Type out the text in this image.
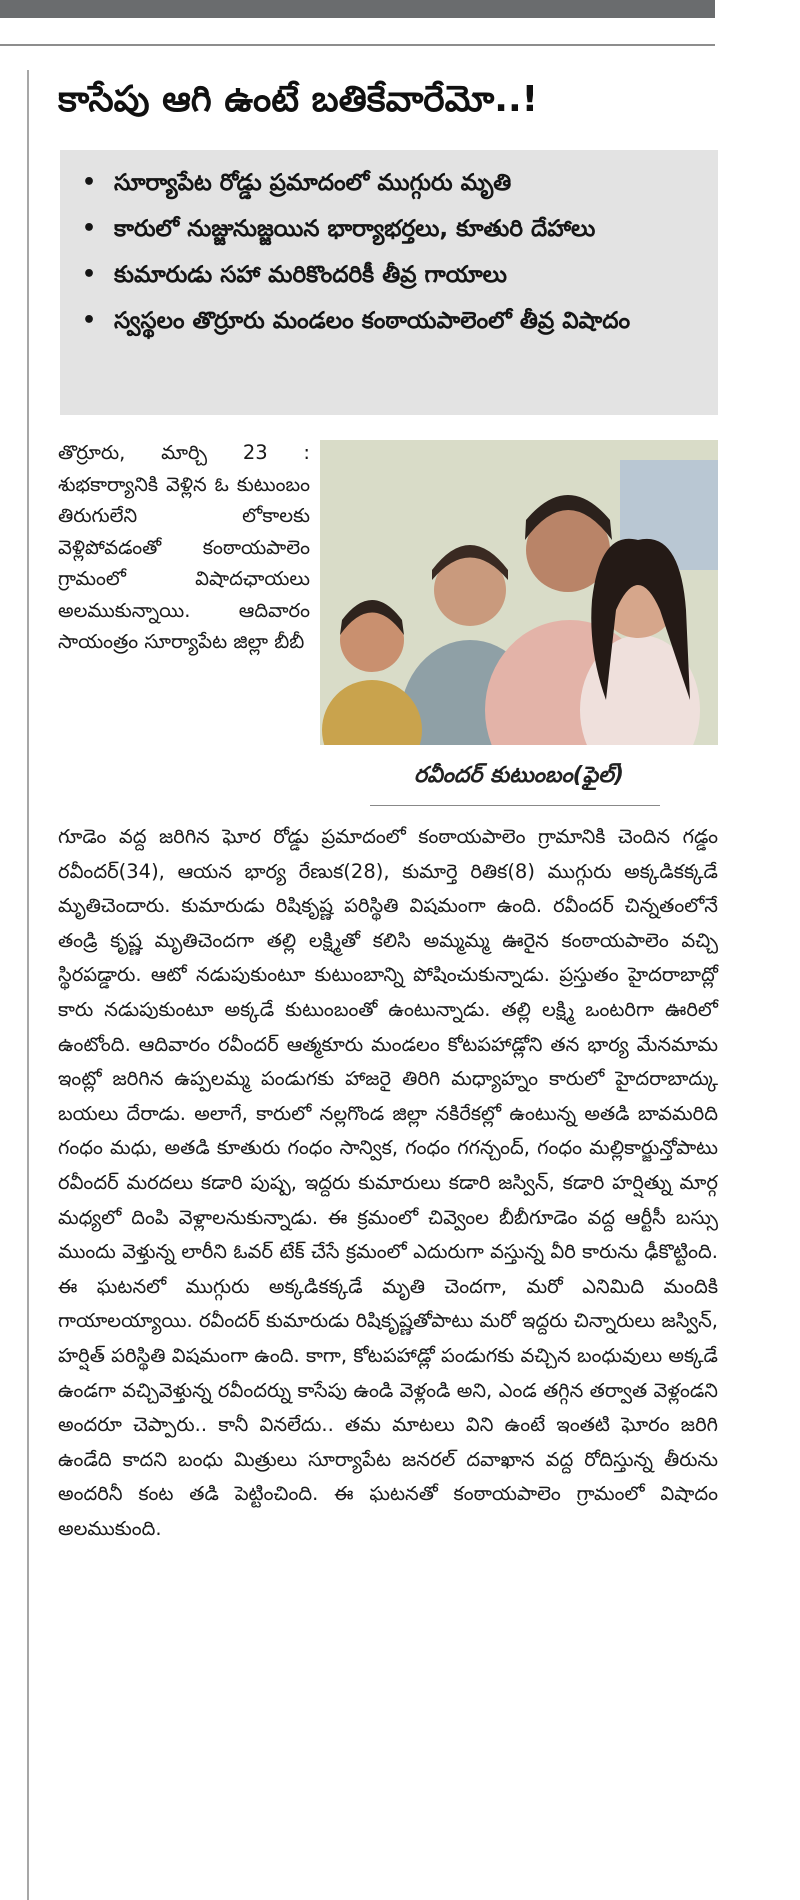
కాసేపు ఆగి ఉంటే బతికేవారేమో..!
• సూర్యాపేట రోడ్డు ప్రమాదంలో ముగ్గురు మృతి
• కారులో నుజ్జునుజ్జయిన భార్యాభర్తలు, కూతురి దేహాలు
• కుమారుడు సహా మరికొందరికీ తీవ్ర గాయాలు
• స్వస్థలం తొర్రూరు మండలం కంఠాయపాలెంలో తీవ్ర విషాదం

తొర్రూరు, మార్చి 23 : శుభకార్యానికి వెళ్లిన ఓ కుటుంబం తిరుగులేని లోకాలకు వెళ్లిపోవడంతో కంఠాయపాలెం గ్రామంలో విషాదఛాయలు అలముకున్నాయి. ఆదివారం సాయంత్రం సూర్యాపేట జిల్లా బీబీ

రవీందర్ కుటుంబం(ఫైల్)

గూడెం వద్ద జరిగిన ఘోర రోడ్డు ప్రమాదంలో కంఠాయపాలెం గ్రామానికి చెందిన గడ్డం రవీందర్(34), ఆయన భార్య రేణుక(28), కుమార్తె రితిక(8) ముగ్గురు అక్కడికక్కడే మృతిచెందారు. కుమారుడు రిషికృష్ణ పరిస్థితి విషమంగా ఉంది. రవీందర్ చిన్నతంలోనే తండ్రి కృష్ణ మృతిచెందగా తల్లి లక్ష్మితో కలిసి అమ్మమ్మ ఊరైన కంఠాయపాలెం వచ్చి స్థిరపడ్డారు. ఆటో నడుపుకుంటూ కుటుంబాన్ని పోషించుకున్నాడు. ప్రస్తుతం హైదరాబాద్లో కారు నడుపుకుంటూ అక్కడే కుటుంబంతో ఉంటున్నాడు. తల్లి లక్ష్మి ఒంటరిగా ఊరిలో ఉంటోంది. ఆదివారం రవీందర్ ఆత్మకూరు మండలం కోటపహాడ్లోని తన భార్య మేనమామ ఇంట్లో జరిగిన ఉప్పలమ్మ పండుగకు హాజరై తిరిగి మధ్యాహ్నం కారులో హైదరాబాద్కు బయలు దేరాడు. అలాగే, కారులో నల్లగొండ జిల్లా నకిరేకల్లో ఉంటున్న అతడి బావమరిది గంధం మధు, అతడి కూతురు గంధం సాన్విక, గంధం గగన్చంద్, గంధం మల్లికార్జున్తోపాటు రవీందర్ మరదలు కడారి పుష్ప, ఇద్దరు కుమారులు కడారి జస్విన్, కడారి హర్షిత్ను మార్గ మధ్యలో దింపి వెళ్లాలనుకున్నాడు. ఈ క్రమంలో చివ్వెంల బీబీగూడెం వద్ద ఆర్టీసీ బస్సు ముందు వెళ్తున్న లారీని ఓవర్ టేక్ చేసే క్రమంలో ఎదురుగా వస్తున్న వీరి కారును ఢీకొట్టింది. ఈ ఘటనలో ముగ్గురు అక్కడికక్కడే మృతి చెందగా, మరో ఎనిమిది మందికి గాయాలయ్యాయి. రవీందర్ కుమారుడు రిషికృష్ణతోపాటు మరో ఇద్దరు చిన్నారులు జస్విన్, హర్షిత్ పరిస్థితి విషమంగా ఉంది. కాగా, కోటపహాడ్లో పండుగకు వచ్చిన బంధువులు అక్కడే ఉండగా వచ్చివెళ్తున్న రవీందర్ను కాసేపు ఉండి వెళ్లండి అని, ఎండ తగ్గిన తర్వాత వెళ్లండని అందరూ చెప్పారు.. కానీ వినలేదు.. తమ మాటలు విని ఉంటే ఇంతటి ఘోరం జరిగి ఉండేది కాదని బంధు మిత్రులు సూర్యాపేట జనరల్ దవాఖాన వద్ద రోదిస్తున్న తీరును అందరినీ కంట తడి పెట్టించింది. ఈ ఘటనతో కంఠాయపాలెం గ్రామంలో విషాదం అలముకుంది.
